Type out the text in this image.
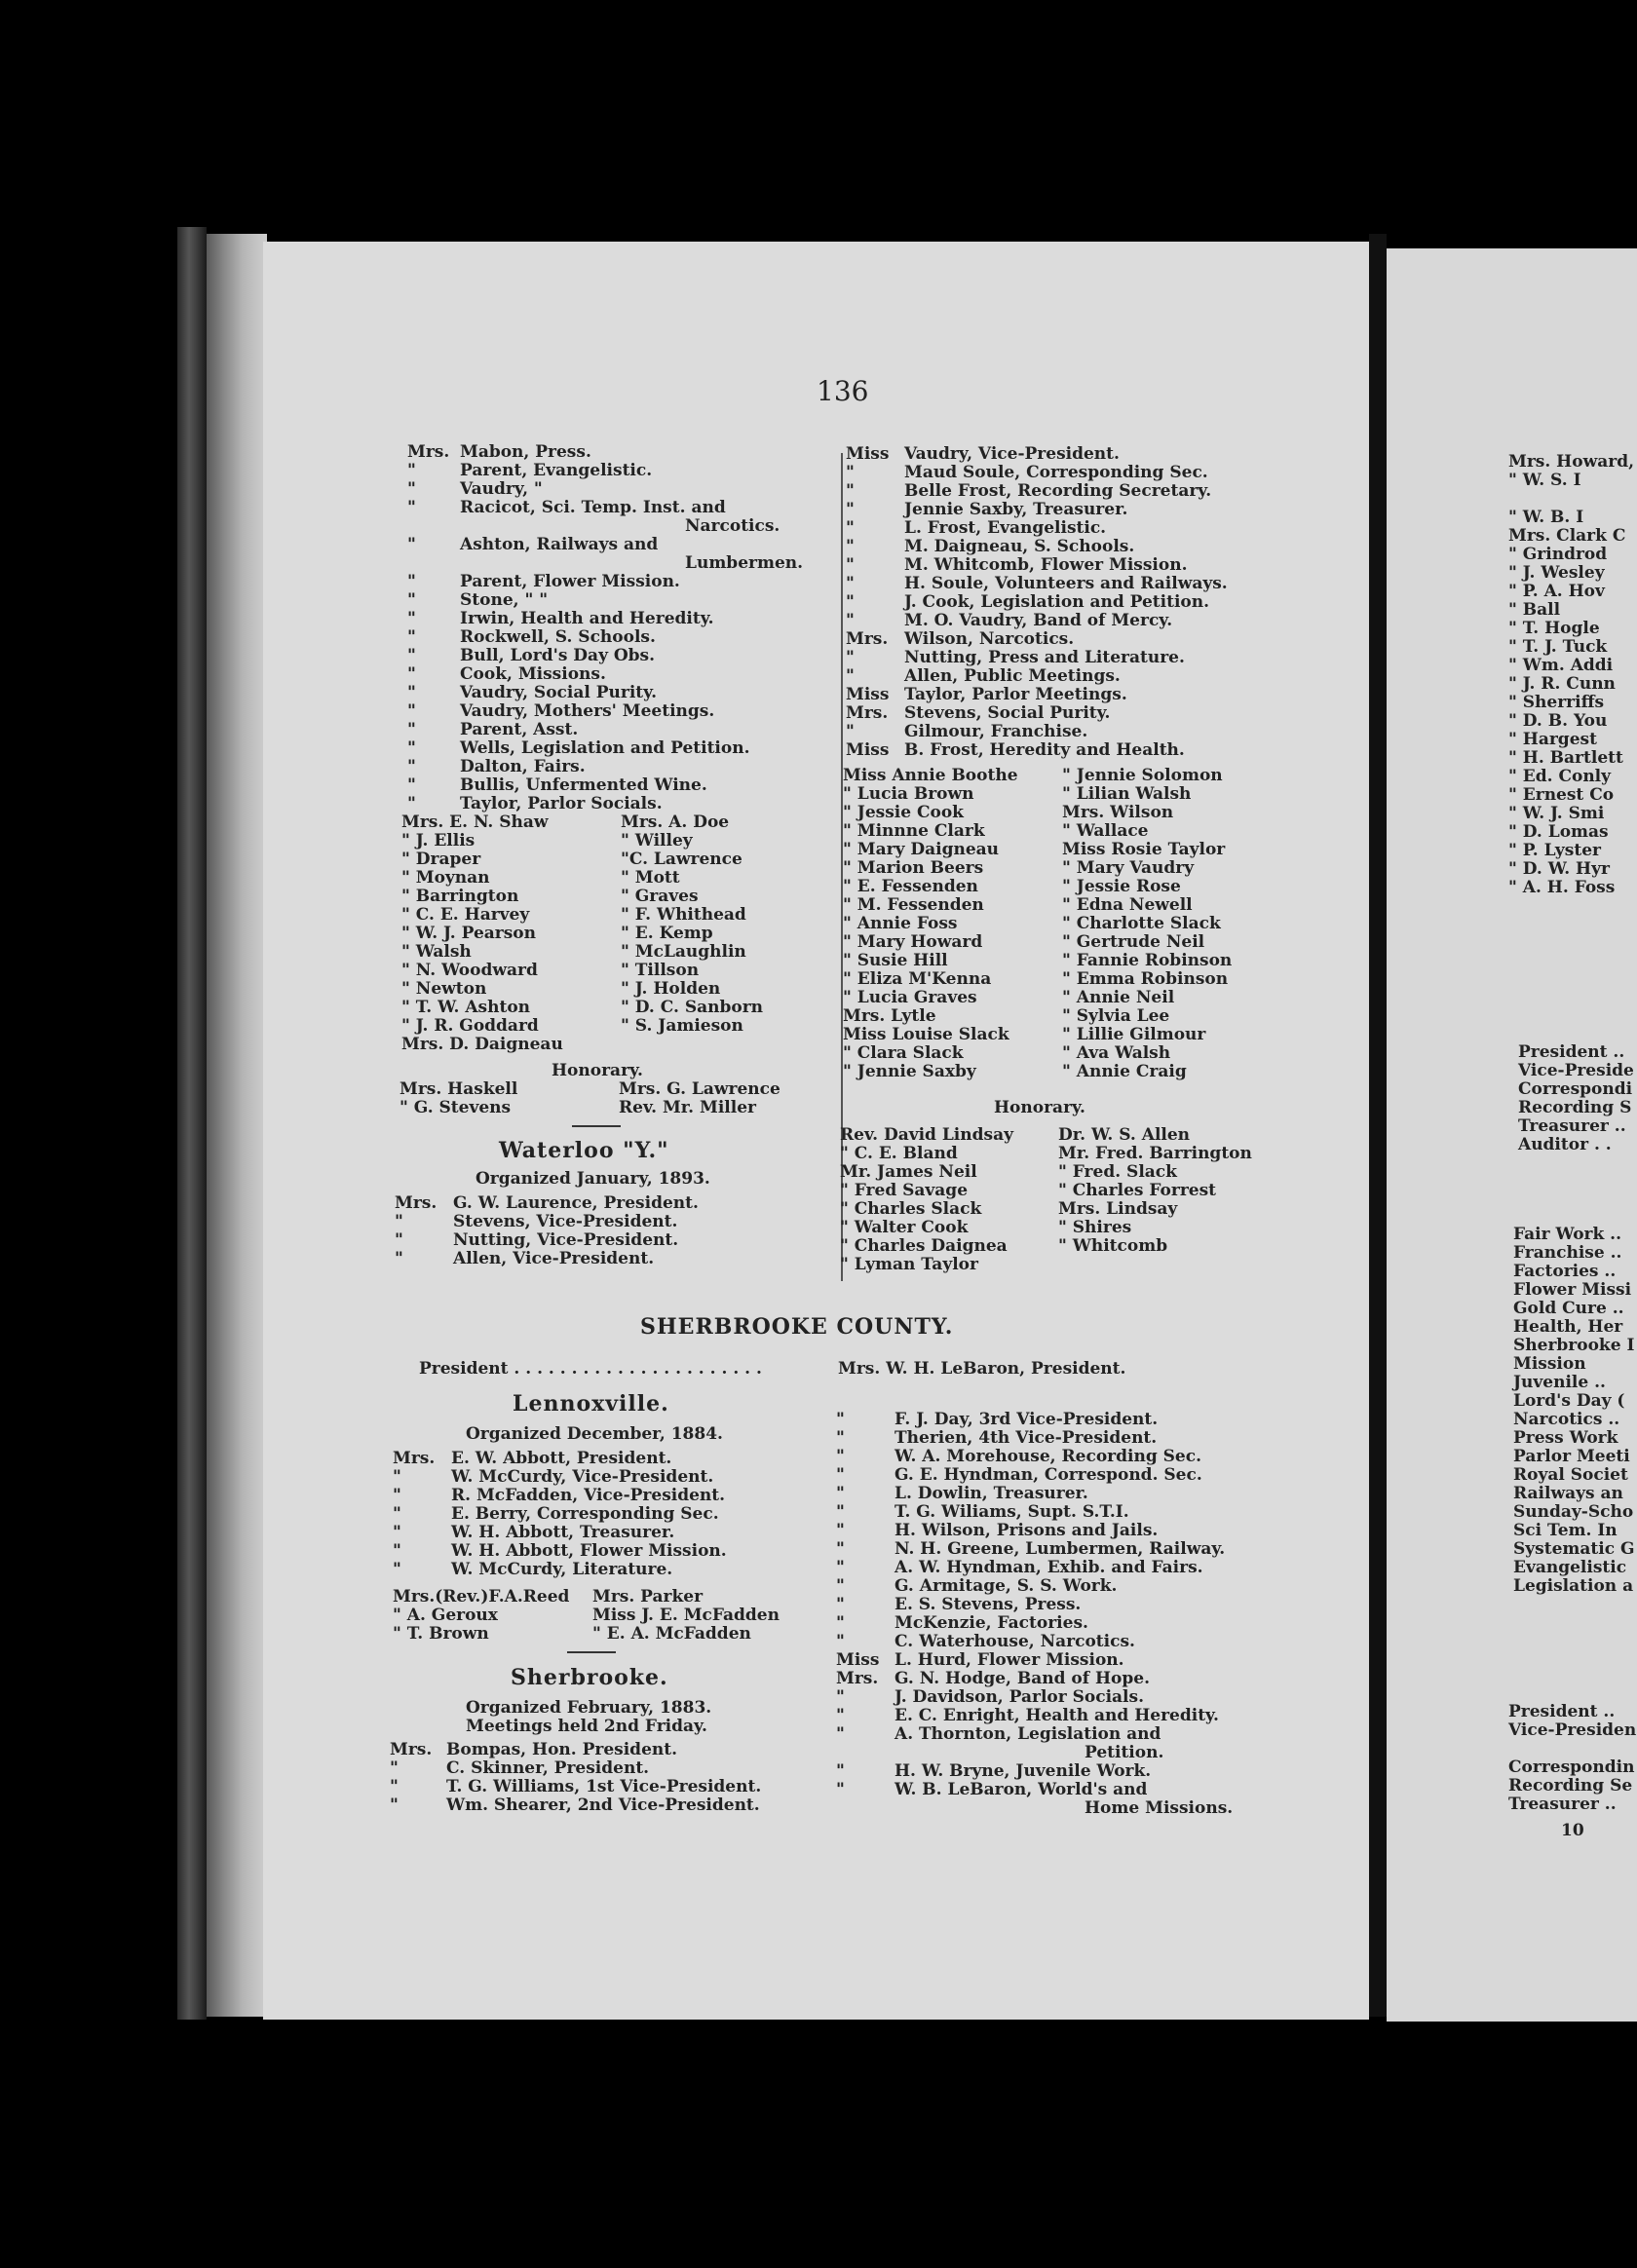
136
Mrs. Mabon, Press.
"	Parent, Evangelistic.
"	Vaudry, "
"	Racicot, Sci. Temp. Inst. and
Narcotics.
"	Ashton, Railways and
Lumbermen.
"	Parent, Flower Mission.
"	Stone, " "
"	Irwin, Health and Heredity.
"	Rockwell, S. Schools.
"	Bull, Lord's Day Obs.
"	Cook, Missions.
"	Vaudry, Social Purity.
"	Vaudry, Mothers' Meetings.
"	Parent, Asst.
"	Wells, Legislation and Petition.
"	Dalton, Fairs.
"	Bullis, Unfermented Wine.
"	Taylor, Parlor Socials.
Mrs. E. N. Shaw	Mrs. A. Doe
" J. Ellis	" Willey
" Draper	"C. Lawrence
" Moynan	" Mott
" Barrington	" Graves
" C. E. Harvey	" F. Whithead
" W. J. Pearson	" E. Kemp
" Walsh	" McLaughlin
" N. Woodward	" Tillson
" Newton	" J. Holden
" T. W. Ashton	" D. C. Sanborn
" J. R. Goddard	" S. Jamieson
Mrs. D. Daigneau
Honorary.
Mrs. Haskell	Mrs. G. Lawrence
" G. Stevens	Rev. Mr. Miller
Waterloo "Y."
Organized January, 1893.
Mrs. G. W. Laurence, President.
"	Stevens, Vice-President.
"	Nutting, Vice-President.
"	Allen, Vice-President.
Miss Vaudry, Vice-President.
"	Maud Soule, Corresponding Sec.
"	Belle Frost, Recording Secretary.
"	Jennie Saxby, Treasurer.
"	L. Frost, Evangelistic.
"	M. Daigneau, S. Schools.
"	M. Whitcomb, Flower Mission.
"	H. Soule, Volunteers and Railways.
"	J. Cook, Legislation and Petition.
"	M. O. Vaudry, Band of Mercy.
Mrs. Wilson, Narcotics.
"	Nutting, Press and Literature.
"	Allen, Public Meetings.
Miss Taylor, Parlor Meetings.
Mrs. Stevens, Social Purity.
"	Gilmour, Franchise.
Miss B. Frost, Heredity and Health.
Miss Annie Boothe	" Jennie Solomon
" Lucia Brown	" Lilian Walsh
" Jessie Cook	Mrs. Wilson
" Minnne Clark	" Wallace
" Mary Daigneau	Miss Rosie Taylor
" Marion Beers	" Mary Vaudry
" E. Fessenden	" Jessie Rose
" M. Fessenden	" Edna Newell
" Annie Foss	" Charlotte Slack
" Mary Howard	" Gertrude Neil
" Susie Hill	" Fannie Robinson
" Eliza M'Kenna	" Emma Robinson
" Lucia Graves	" Annie Neil
Mrs. Lytle	" Sylvia Lee
Miss Louise Slack	" Lillie Gilmour
" Clara Slack	" Ava Walsh
" Jennie Saxby	" Annie Craig
Honorary.
Rev. David Lindsay	Dr. W. S. Allen
" C. E. Bland	Mr. Fred. Barrington
Mr. James Neil	" Fred. Slack
" Fred Savage	" Charles Forrest
" Charles Slack	Mrs. Lindsay
" Walter Cook	" Shires
" Charles Daignea	" Whitcomb
" Lyman Taylor
SHERBROOKE COUNTY.
President . . . . . . . . . . . . . . . . . . . . . .	Mrs. W. H. LeBaron, President.
Lennoxville.
Organized December, 1884.
Mrs. E. W. Abbott, President.
"	W. McCurdy, Vice-President.
"	R. McFadden, Vice-President.
"	E. Berry, Corresponding Sec.
"	W. H. Abbott, Treasurer.
"	W. H. Abbott, Flower Mission.
"	W. McCurdy, Literature.
Mrs.(Rev.)F.A.Reed Mrs. Parker
" A. Geroux	Miss J. E. McFadden
" T. Brown	" E. A. McFadden
Sherbrooke.
Organized February, 1883.
Meetings held 2nd Friday.
Mrs. Bompas, Hon. President.
"	C. Skinner, President.
"	T. G. Williams, 1st Vice-President.
"	Wm. Shearer, 2nd Vice-President.
"	F. J. Day, 3rd Vice-President.
"	Therien, 4th Vice-President.
"	W. A. Morehouse, Recording Sec.
"	G. E. Hyndman, Correspond. Sec.
"	L. Dowlin, Treasurer.
"	T. G. Wiliams, Supt. S.T.I.
"	H. Wilson, Prisons and Jails.
"	N. H. Greene, Lumbermen, Railway.
"	A. W. Hyndman, Exhib. and Fairs.
"	G. Armitage, S. S. Work.
"	E. S. Stevens, Press.
"	McKenzie, Factories.
"	C. Waterhouse, Narcotics.
Miss L. Hurd, Flower Mission.
Mrs. G. N. Hodge, Band of Hope.
"	J. Davidson, Parlor Socials.
"	E. C. Enright, Health and Heredity.
"	A. Thornton, Legislation and
Petition.
"	H. W. Bryne, Juvenile Work.
"	W. B. LeBaron, World's and
Home Missions.
Mrs. Howard,
" W. S. I
" W. B. I
Mrs. Clark C
" Grindrod
" J. Wesley
" P. A. Hov
" Ball
" T. Hogle
" T. J. Tuck
" Wm. Addi
" J. R. Cunn
" Sherriffs
" D. B. You
" Hargest
" H. Bartlett
" Ed. Conly
" Ernest Co
" W. J. Smi
" D. Lomas
" P. Lyster
" D. W. Hyr
" A. H. Foss
President ..
Vice-Preside
Correspondi
Recording S
Treasurer ..
Auditor . .
Fair Work ..
Franchise ..
Factories ..
Flower Missi
Gold Cure ..
Health, Her
Sherbrooke I
Mission
Juvenile ..
Lord's Day (
Narcotics ..
Press Work
Parlor Meeti
Royal Societ
Railways an
Sunday-Scho
Sci Tem. In
Systematic G
Evangelistic
Legislation a
President ..
Vice-Presiden
Correspondin
Recording Se
Treasurer ..
10
